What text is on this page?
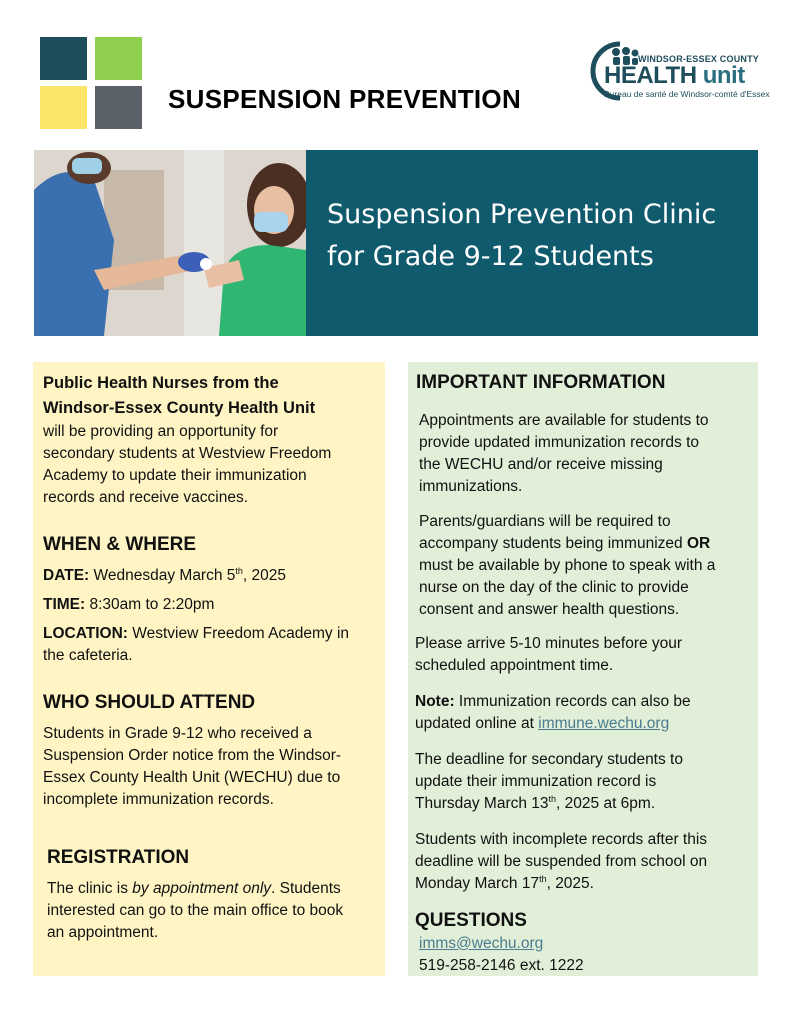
SUSPENSION PREVENTION
WINDSOR-ESSEX COUNTY
HEALTH unit
Bureau de santé de Windsor-comté d'Essex
Suspension Prevention Clinic
for Grade 9-12 Students
Public Health Nurses from the
Windsor-Essex County Health Unit
will be providing an opportunity for
secondary students at Westview Freedom
Academy to update their immunization
records and receive vaccines.
WHEN & WHERE
DATE: Wednesday March 5th, 2025
TIME: 8:30am to 2:20pm
LOCATION: Westview Freedom Academy in
the cafeteria.
WHO SHOULD ATTEND
Students in Grade 9-12 who received a
Suspension Order notice from the Windsor-
Essex County Health Unit (WECHU) due to
incomplete immunization records.
REGISTRATION
The clinic is by appointment only. Students
interested can go to the main office to book
an appointment.
IMPORTANT INFORMATION
Appointments are available for students to
provide updated immunization records to
the WECHU and/or receive missing
immunizations.
Parents/guardians will be required to
accompany students being immunized OR
must be available by phone to speak with a
nurse on the day of the clinic to provide
consent and answer health questions.
Please arrive 5-10 minutes before your
scheduled appointment time.
Note: Immunization records can also be
updated online at immune.wechu.org
The deadline for secondary students to
update their immunization record is
Thursday March 13th, 2025 at 6pm.
Students with incomplete records after this
deadline will be suspended from school on
Monday March 17th, 2025.
QUESTIONS
imms@wechu.org
519-258-2146 ext. 1222
